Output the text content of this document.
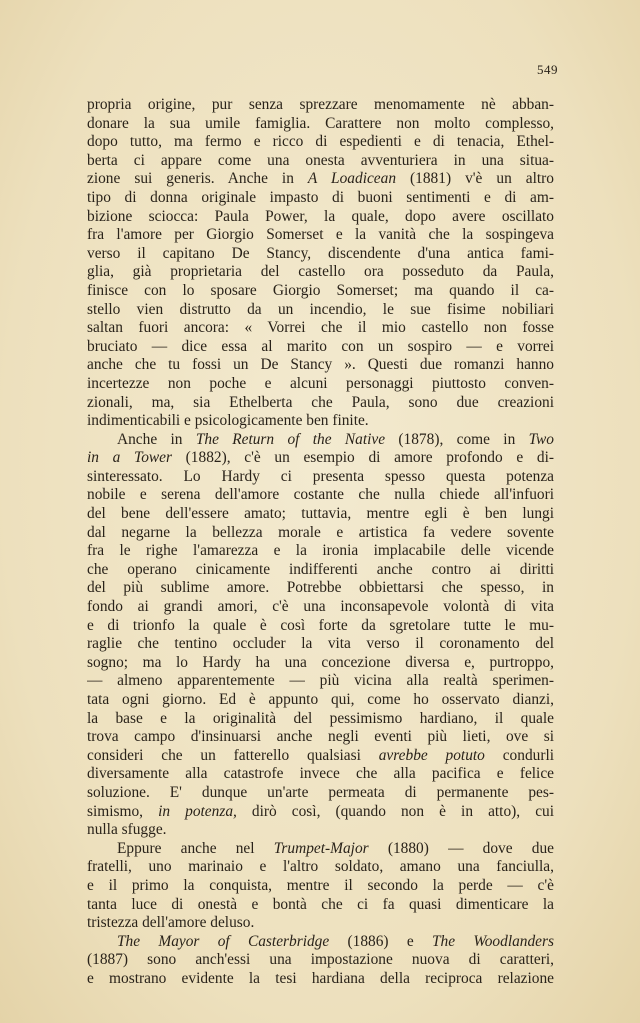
549
propria origine, pur senza sprezzare menomamente nè abban-
donare la sua umile famiglia. Carattere non molto complesso,
dopo tutto, ma fermo e ricco di espedienti e di tenacia, Ethel-
berta ci appare come una onesta avventuriera in una situa-
zione sui generis. Anche in A Loadicean (1881) v'è un altro
tipo di donna originale impasto di buoni sentimenti e di am-
bizione sciocca: Paula Power, la quale, dopo avere oscillato
fra l'amore per Giorgio Somerset e la vanità che la sospingeva
verso il capitano De Stancy, discendente d'una antica fami-
glia, già proprietaria del castello ora posseduto da Paula,
finisce con lo sposare Giorgio Somerset; ma quando il ca-
stello vien distrutto da un incendio, le sue fisime nobiliari
saltan fuori ancora: « Vorrei che il mio castello non fosse
bruciato — dice essa al marito con un sospiro — e vorrei
anche che tu fossi un De Stancy ». Questi due romanzi hanno
incertezze non poche e alcuni personaggi piuttosto conven-
zionali, ma, sia Ethelberta che Paula, sono due creazioni
indimenticabili e psicologicamente ben finite.
Anche in The Return of the Native (1878), come in Two
in a Tower (1882), c'è un esempio di amore profondo e di-
sinteressato. Lo Hardy ci presenta spesso questa potenza
nobile e serena dell'amore costante che nulla chiede all'infuori
del bene dell'essere amato; tuttavia, mentre egli è ben lungi
dal negarne la bellezza morale e artistica fa vedere sovente
fra le righe l'amarezza e la ironia implacabile delle vicende
che operano cinicamente indifferenti anche contro ai diritti
del più sublime amore. Potrebbe obbiettarsi che spesso, in
fondo ai grandi amori, c'è una inconsapevole volontà di vita
e di trionfo la quale è così forte da sgretolare tutte le mu-
raglie che tentino occluder la vita verso il coronamento del
sogno; ma lo Hardy ha una concezione diversa e, purtroppo,
— almeno apparentemente — più vicina alla realtà sperimen-
tata ogni giorno. Ed è appunto qui, come ho osservato dianzi,
la base e la originalità del pessimismo hardiano, il quale
trova campo d'insinuarsi anche negli eventi più lieti, ove si
consideri che un fatterello qualsiasi avrebbe potuto condurli
diversamente alla catastrofe invece che alla pacifica e felice
soluzione. E' dunque un'arte permeata di permanente pes-
simismo, in potenza, dirò così, (quando non è in atto), cui
nulla sfugge.
Eppure anche nel Trumpet-Major (1880) — dove due
fratelli, uno marinaio e l'altro soldato, amano una fanciulla,
e il primo la conquista, mentre il secondo la perde — c'è
tanta luce di onestà e bontà che ci fa quasi dimenticare la
tristezza dell'amore deluso.
The Mayor of Casterbridge (1886) e The Woodlanders
(1887) sono anch'essi una impostazione nuova di caratteri,
e mostrano evidente la tesi hardiana della reciproca relazione
